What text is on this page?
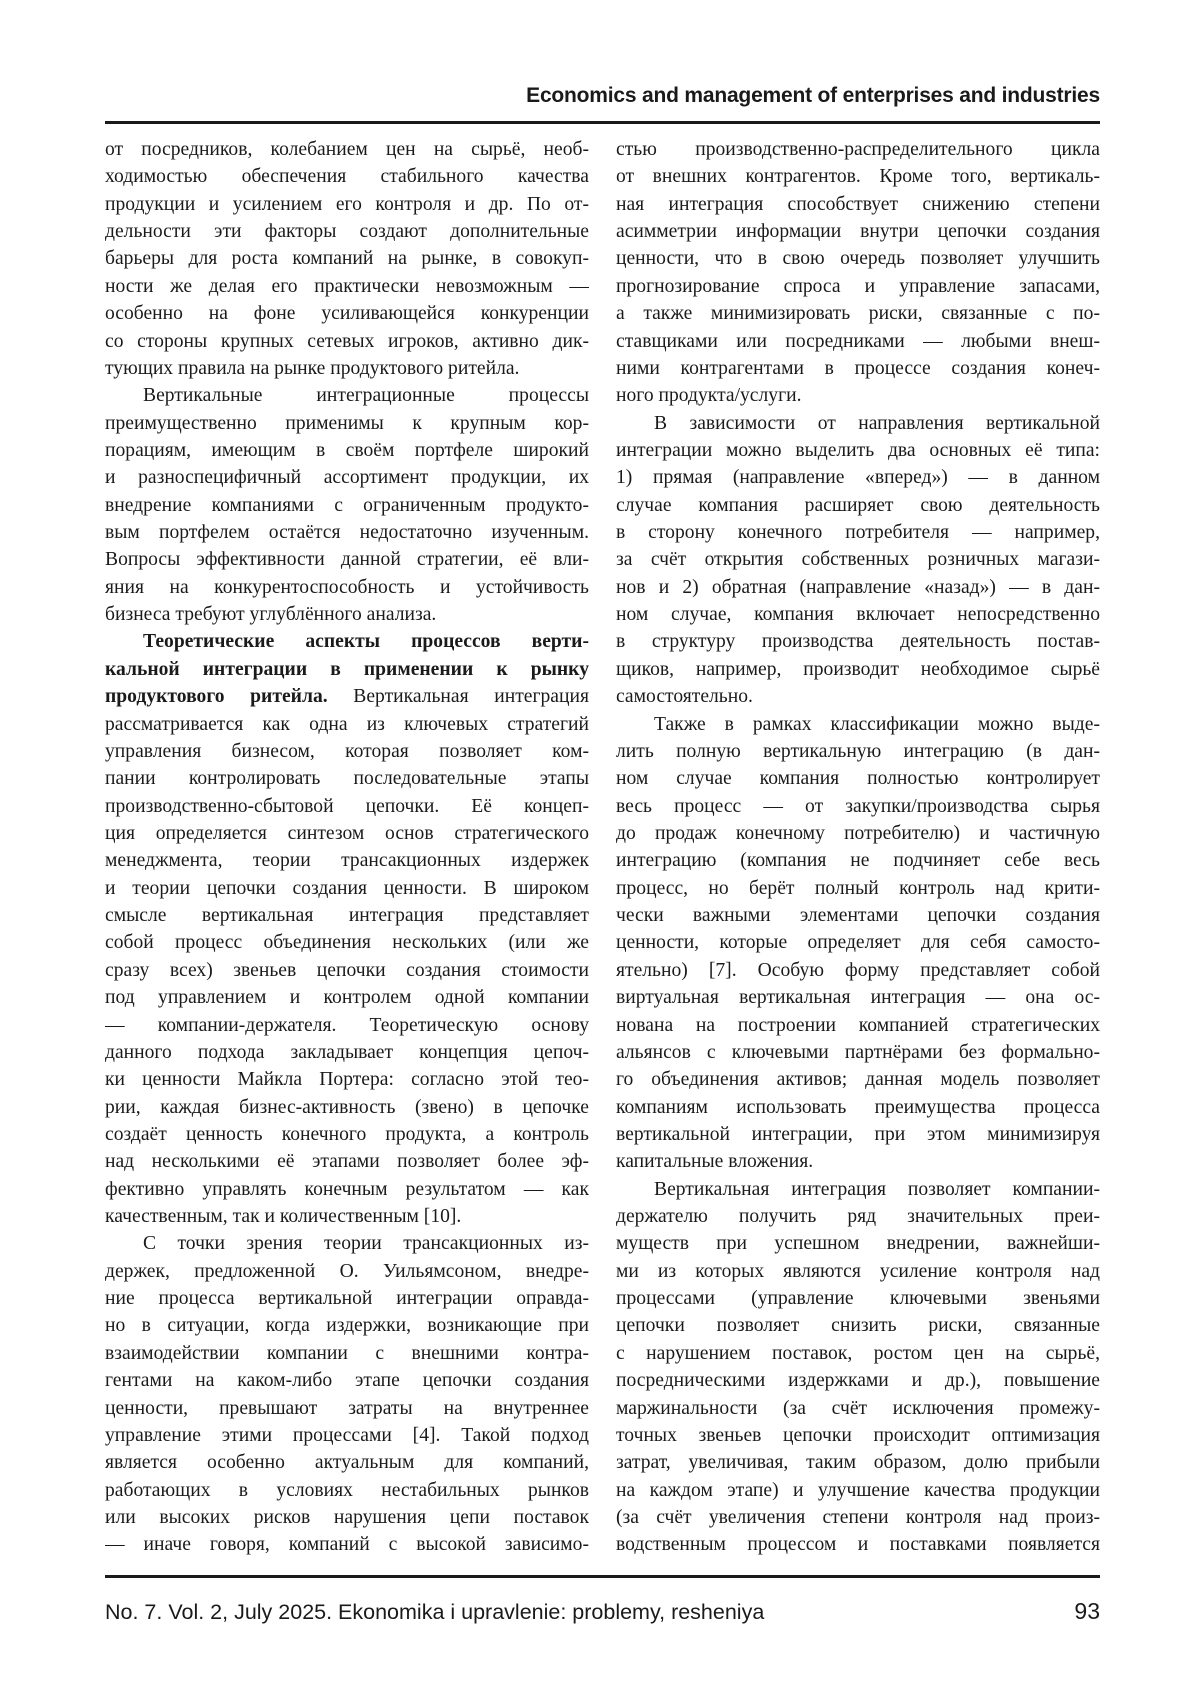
Economics and management of enterprises and industries
от посредников, колебанием цен на сырьё, необ-
ходимостью обеспечения стабильного качества
продукции и усилением его контроля и др. По от-
дельности эти факторы создают дополнительные
барьеры для роста компаний на рынке, в совокуп-
ности же делая его практически невозможным —
особенно на фоне усиливающейся конкуренции
со стороны крупных сетевых игроков, активно дик-
тующих правила на рынке продуктового ритейла.
Вертикальные интеграционные процессы
преимущественно применимы к крупным кор-
порациям, имеющим в своём портфеле широкий
и разноспецифичный ассортимент продукции, их
внедрение компаниями с ограниченным продукто-
вым портфелем остаётся недостаточно изученным.
Вопросы эффективности данной стратегии, её вли-
яния на конкурентоспособность и устойчивость
бизнеса требуют углублённого анализа.
Теоретические аспекты процессов верти-
кальной интеграции в применении к рынку
продуктового ритейла. Вертикальная интеграция
рассматривается как одна из ключевых стратегий
управления бизнесом, которая позволяет ком-
пании контролировать последовательные этапы
производственно-сбытовой цепочки. Её концеп-
ция определяется синтезом основ стратегического
менеджмента, теории трансакционных издержек
и теории цепочки создания ценности. В широком
смысле вертикальная интеграция представляет
собой процесс объединения нескольких (или же
сразу всех) звеньев цепочки создания стоимости
под управлением и контролем одной компании
— компании-держателя. Теоретическую основу
данного подхода закладывает концепция цепоч-
ки ценности Майкла Портера: согласно этой тео-
рии, каждая бизнес-активность (звено) в цепочке
создаёт ценность конечного продукта, а контроль
над несколькими её этапами позволяет более эф-
фективно управлять конечным результатом — как
качественным, так и количественным [10].
С точки зрения теории трансакционных из-
держек, предложенной О. Уильямсоном, внедре-
ние процесса вертикальной интеграции оправда-
но в ситуации, когда издержки, возникающие при
взаимодействии компании с внешними контра-
гентами на каком-либо этапе цепочки создания
ценности, превышают затраты на внутреннее
управление этими процессами [4]. Такой подход
является особенно актуальным для компаний,
работающих в условиях нестабильных рынков
или высоких рисков нарушения цепи поставок
— иначе говоря, компаний с высокой зависимо-
стью производственно-распределительного цикла
от внешних контрагентов. Кроме того, вертикаль-
ная интеграция способствует снижению степени
асимметрии информации внутри цепочки создания
ценности, что в свою очередь позволяет улучшить
прогнозирование спроса и управление запасами,
а также минимизировать риски, связанные с по-
ставщиками или посредниками — любыми внеш-
ними контрагентами в процессе создания конеч-
ного продукта/услуги.
В зависимости от направления вертикальной
интеграции можно выделить два основных её типа:
1) прямая (направление «вперед») — в данном
случае компания расширяет свою деятельность
в сторону конечного потребителя — например,
за счёт открытия собственных розничных магази-
нов и 2) обратная (направление «назад») — в дан-
ном случае, компания включает непосредственно
в структуру производства деятельность постав-
щиков, например, производит необходимое сырьё
самостоятельно.
Также в рамках классификации можно выде-
лить полную вертикальную интеграцию (в дан-
ном случае компания полностью контролирует
весь процесс — от закупки/производства сырья
до продаж конечному потребителю) и частичную
интеграцию (компания не подчиняет себе весь
процесс, но берёт полный контроль над крити-
чески важными элементами цепочки создания
ценности, которые определяет для себя самосто-
ятельно) [7]. Особую форму представляет собой
виртуальная вертикальная интеграция — она ос-
нована на построении компанией стратегических
альянсов с ключевыми партнёрами без формально-
го объединения активов; данная модель позволяет
компаниям использовать преимущества процесса
вертикальной интеграции, при этом минимизируя
капитальные вложения.
Вертикальная интеграция позволяет компании-
держателю получить ряд значительных преи-
муществ при успешном внедрении, важнейши-
ми из которых являются усиление контроля над
процессами (управление ключевыми звеньями
цепочки позволяет снизить риски, связанные
с нарушением поставок, ростом цен на сырьё,
посредническими издержками и др.), повышение
маржинальности (за счёт исключения промежу-
точных звеньев цепочки происходит оптимизация
затрат, увеличивая, таким образом, долю прибыли
на каждом этапе) и улучшение качества продукции
(за счёт увеличения степени контроля над произ-
водственным процессом и поставками появляется
No. 7. Vol. 2, July 2025. Ekonomika i upravlenie: problemy, resheniya	93
